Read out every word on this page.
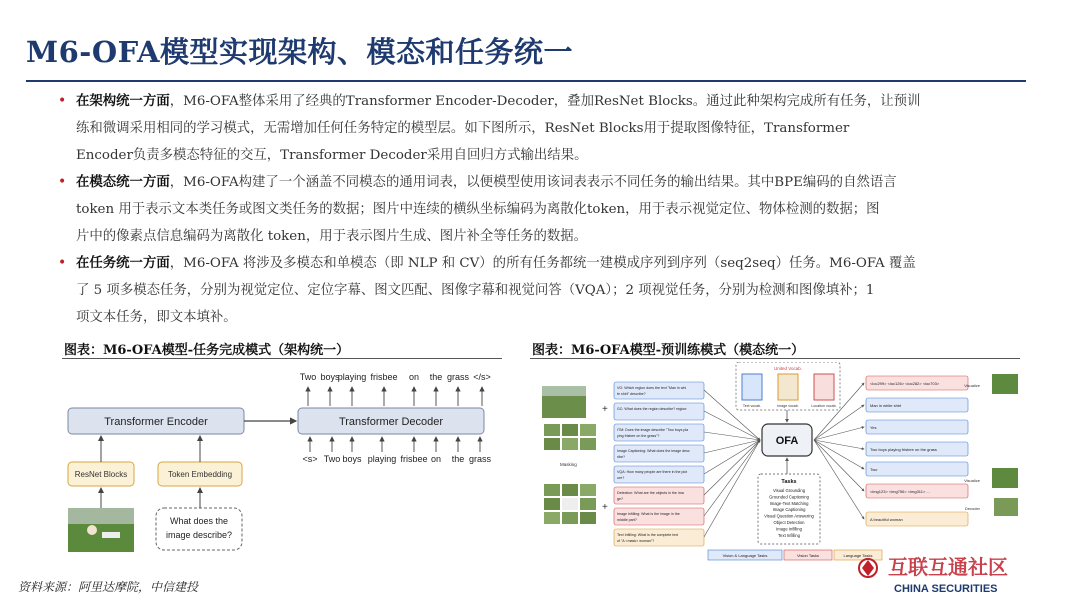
M6-OFA模型实现架构、模态和任务统一
• 在架构统一方面，M6-OFA整体采用了经典的Transformer Encoder-Decoder，叠加ResNet Blocks。通过此种架构完成所有任务，让预训
练和微调采用相同的学习模式，无需增加任何任务特定的模型层。如下图所示，ResNet Blocks用于提取图像特征，Transformer
Encoder负责多模态特征的交互，Transformer Decoder采用自回归方式输出结果。
• 在模态统一方面，M6-OFA构建了一个涵盖不同模态的通用词表，以便模型使用该词表表示不同任务的输出结果。其中BPE编码的自然语言
token 用于表示文本类任务或图文类任务的数据；图片中连续的横纵坐标编码为离散化token，用于表示视觉定位、物体检测的数据；图
片中的像素点信息编码为离散化 token，用于表示图片生成、图片补全等任务的数据。
• 在任务统一方面，M6-OFA 将涉及多模态和单模态（即 NLP 和 CV）的所有任务都统一建模成序列到序列（seq2seq）任务。M6-OFA 覆盖
了 5 项多模态任务，分别为视觉定位、定位字幕、图文匹配、图像字幕和视觉问答（VQA）；2 项视觉任务，分别为检测和图像填补；1
项文本任务，即文本填补。
图表：M6-OFA模型-任务完成模式（架构统一）	图表：M6-OFA模型-预训练模式（模态统一）
Transformer Encoder	Transformer Decoder
ResNet Blocks	Token Embedding
What does the
image describe?
Two boys
playing frisbee on the grass </s>
<s> Two boys playing frisbee on the grass
Masking
+
+
VG: Which region does the text "Man in whi
te shirt" describe?
GC: What does the region describe? region:
ITM: Does the image describe "Two boys pla
ying frisbee on the grass"?
Image Captioning: What does the image desc
ribe?
VQA: How many people are there in the pict
ure?
Detection: What are the objects in the ima
ge?
Image Infilling: What is the image in the
middle part?
Text Infilling: What is the complete text
of "A <mask> woman"?
OFA
United Vocab.
Text vocab.	Image vocab.	Location vocab.
Tasks
Visual Grounding
Grounded Captioning
Image-Text Matching
Image Captioning
Visual Question Answering
Object Detection
Image Infilling
Text Infilling
<loc299> <loc126> <loc282> <loc703>
Man in white shirt
Yes
Two boys playing frisbee on the grass
Two
<img123> <img756> <img311> ...
A beautiful woman
Visualize
Visualize
Decoder
Vision & Language Tasks	Vision Tasks	Language Tasks
资料来源：阿里达摩院，中信建投
互联互通社区
CHINA SECURITIES
